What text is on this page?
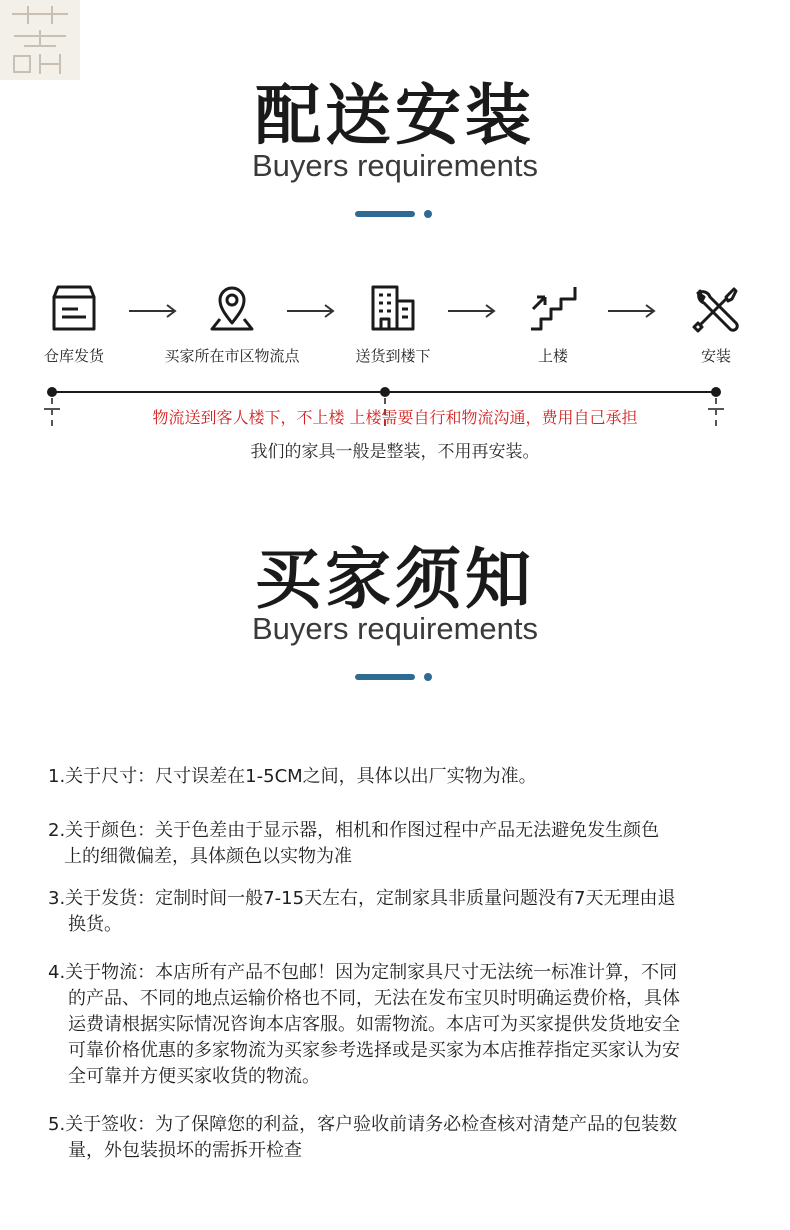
配送安装
Buyers requirements
仓库发货	买家所在市区物流点	送货到楼下	上楼	安装
物流送到客人楼下，不上楼 上楼需要自行和物流沟通，费用自己承担
我们的家具一般是整装，不用再安装。
买家须知
Buyers requirements
1.关于尺寸：尺寸误差在1-5CM之间，具体以出厂实物为准。
2.关于颜色：关于色差由于显示器，相机和作图过程中产品无法避免发生颜色
上的细微偏差，具体颜色以实物为准
3.关于发货：定制时间一般7-15天左右，定制家具非质量问题没有7天无理由退
换货。
4.关于物流：本店所有产品不包邮！因为定制家具尺寸无法统一标准计算，不同
的产品、不同的地点运输价格也不同，无法在发布宝贝时明确运费价格，具体
运费请根据实际情况咨询本店客服。如需物流。本店可为买家提供发货地安全
可靠价格优惠的多家物流为买家参考选择或是买家为本店推荐指定买家认为安
全可靠并方便买家收货的物流。
5.关于签收：为了保障您的利益，客户验收前请务必检查核对清楚产品的包装数
量，外包装损坏的需拆开检查
